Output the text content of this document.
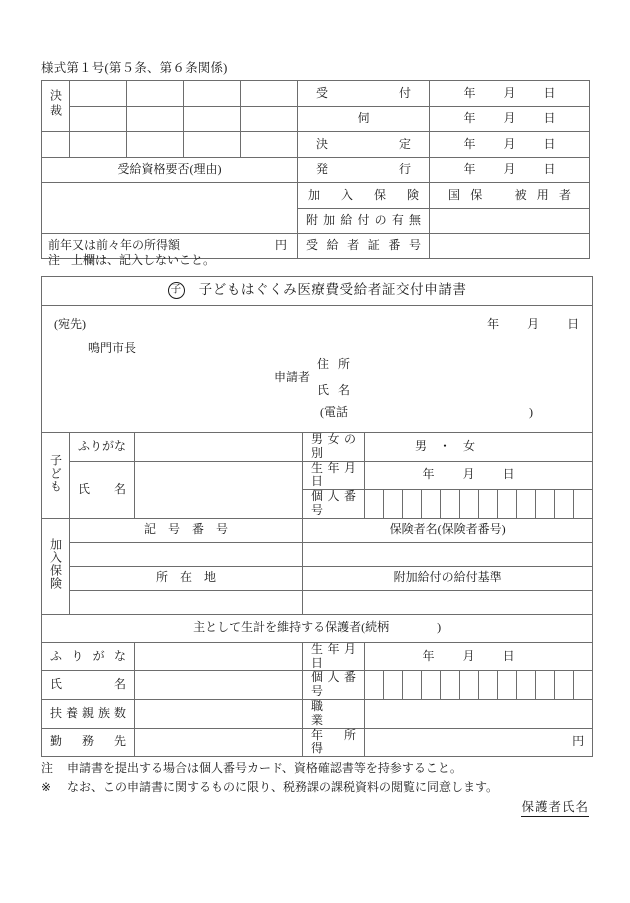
様式第１号(第５条、第６条関係)
決裁					受　　付	年 月 日

					伺	年 月 日

					決　　定	年 月 日

受給資格要否(理由)					発　　行	年 月 日

					加入保険	国保　被用者

					附加給付の有無	

前年又は前々年の所得額 円					受給者証番号	

注 上欄は、記入しないこと。
子 子どもはぐくみ医療費受給者証交付申請書															

(宛先)
鳴門市長
年 月 日
申請者
住所
氏名
(電話	)

子ども	ふりがな		男女の別	男　・　女											

	氏　　名		生年月日	年 月 日											

			個人番号												

加入保険	記　号　番　号		保険者名(保険者番号)												

	所　在　地		附加給付の給付基準												

主として生計を維持する保護者(続柄　　　　)															

ふりがな			生年月日	年 月 日											

氏　　名			個人番号												

扶養親族数			職　　業												

勤　務　先			年　所　得	円											
注 申請書を提出する場合は個人番号カード、資格確認書等を持参すること。
※ なお、この申請書に関するものに限り、税務課の課税資料の閲覧に同意します。
保護者氏名
